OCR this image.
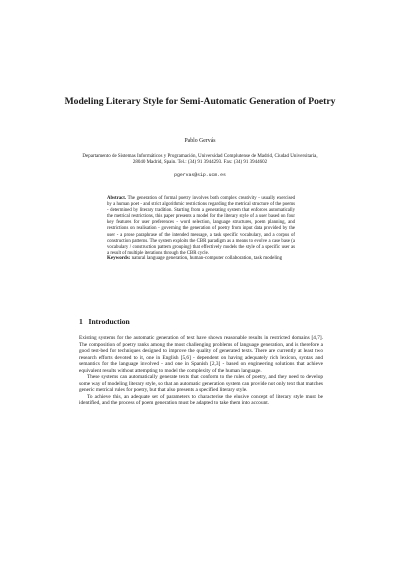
Modeling Literary Style for Semi-Automatic Generation of Poetry
Pablo Gervás
Departamento de Sistemas Informáticos y Programación, Universidad Complutense de Madrid, Ciudad Universitaria, 28040 Madrid, Spain. Tel.: (34) 91 3944293. Fax: (34) 91 3944602
pgervas@sip.ucm.es
Abstract. The generation of formal poetry involves both complex creativity - usually exercised by a human poet - and strict algorithmic restrictions regarding the metrical structure of the poems - determined by literary tradition. Starting from a generating system that enforces automatically the metrical restrictions, this paper presents a model for the literary style of a user based on four key features for user preferences - word selection, language structures, poem planning, and restrictions on realisation - governing the generation of poetry from input data provided by the user - a prose paraphrase of the intended message, a task specific vocabulary, and a corpus of construction patterns. The system exploits the CBR paradigm as a means to evolve a case base (a vocabulary / construction pattern grouping) that effectively models the style of a specific user as a result of multiple iterations through the CBR cycle.
Keywords: natural language generation, human-computer collaboration, task modeling
1 Introduction

Existing systems for the automatic generation of text have shown reasonable results in restricted domains [4,7]. The composition of poetry ranks among the most challenging problems of language generation, and is therefore a good test-bed for techniques designed to improve the quality of generated texts. There are currently at least two research efforts devoted to it, one in English [5,6] - dependent on having adequately rich lexicon, syntax and semantics for the language involved - and one in Spanish [2,3] - based on engineering solutions that achieve equivalent results without attempting to model the complexity of the human language.

These systems can automatically generate texts that conform to the rules of poetry, and they need to develop some way of modeling literary style, so that an automatic generation system can provide not only text that matches generic metrical rules for poetry, but that also presents a specified literary style.

To achieve this, an adequate set of parameters to characterise the elusive concept of literary style must be identified, and the process of poem generation must be adapted to take them into account.
